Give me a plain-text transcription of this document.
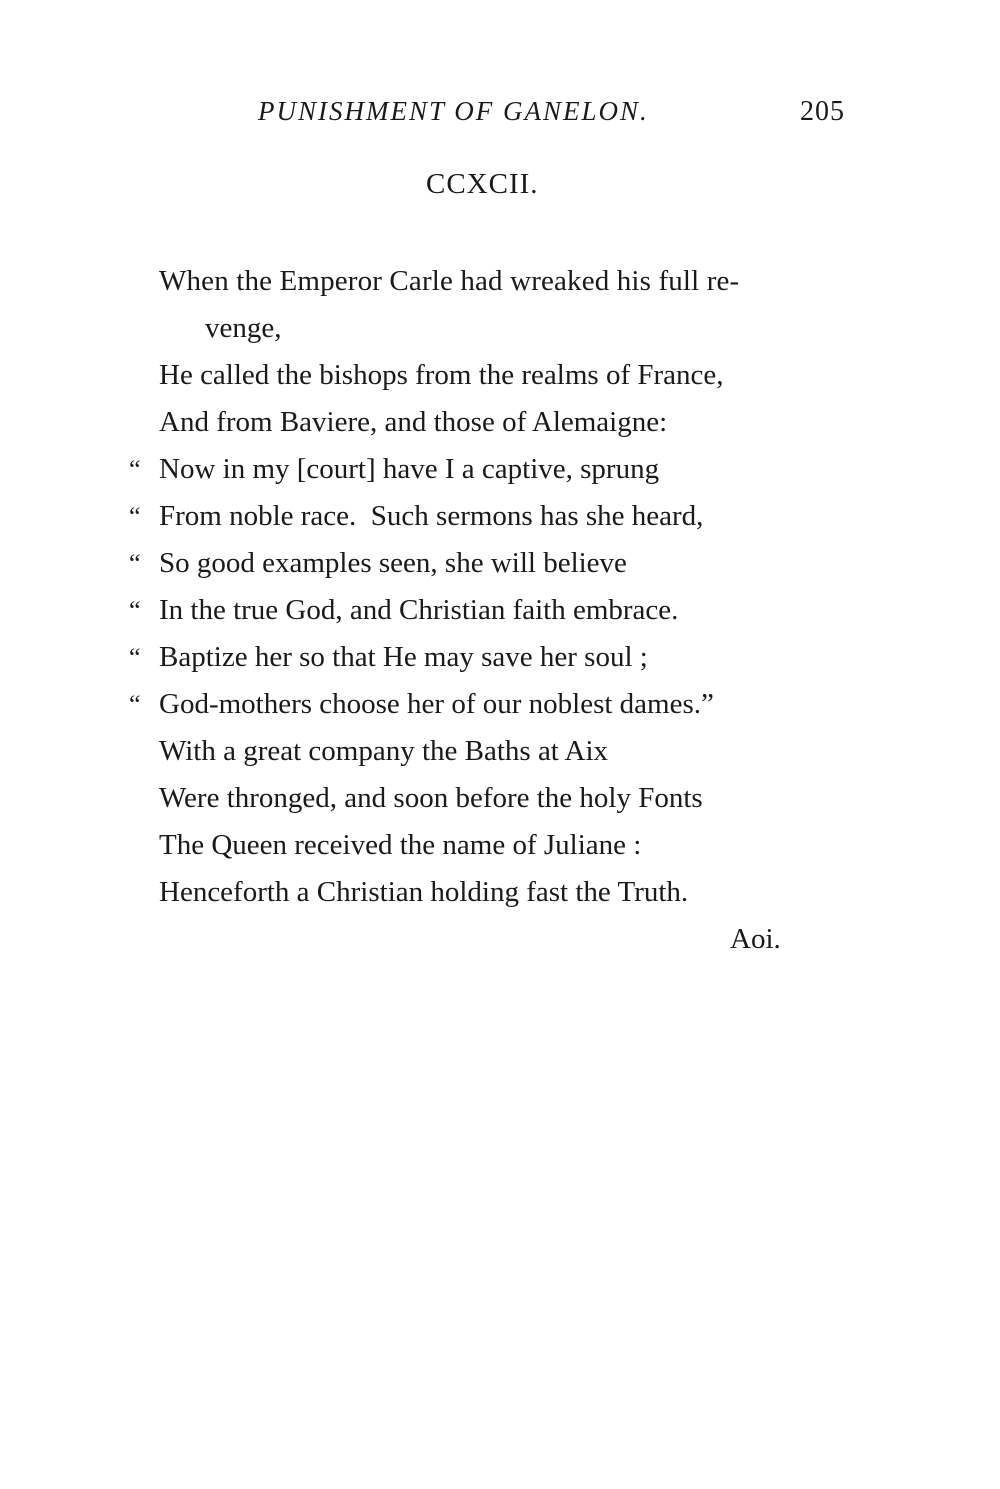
PUNISHMENT OF GANELON.	205
CCXCII.
When the Emperor Carle had wreaked his full re-
venge,
He called the bishops from the realms of France,
And from Baviere, and those of Alemaigne:
“ Now in my [court] have I a captive, sprung
“ From noble race.  Such sermons has she heard,
“ So good examples seen, she will believe
“ In the true God, and Christian faith embrace.
“ Baptize her so that He may save her soul ;
“ God-mothers choose her of our noblest dames.”
With a great company the Baths at Aix
Were thronged, and soon before the holy Fonts
The Queen received the name of Juliane :
Henceforth a Christian holding fast the Truth.
Aoi.
